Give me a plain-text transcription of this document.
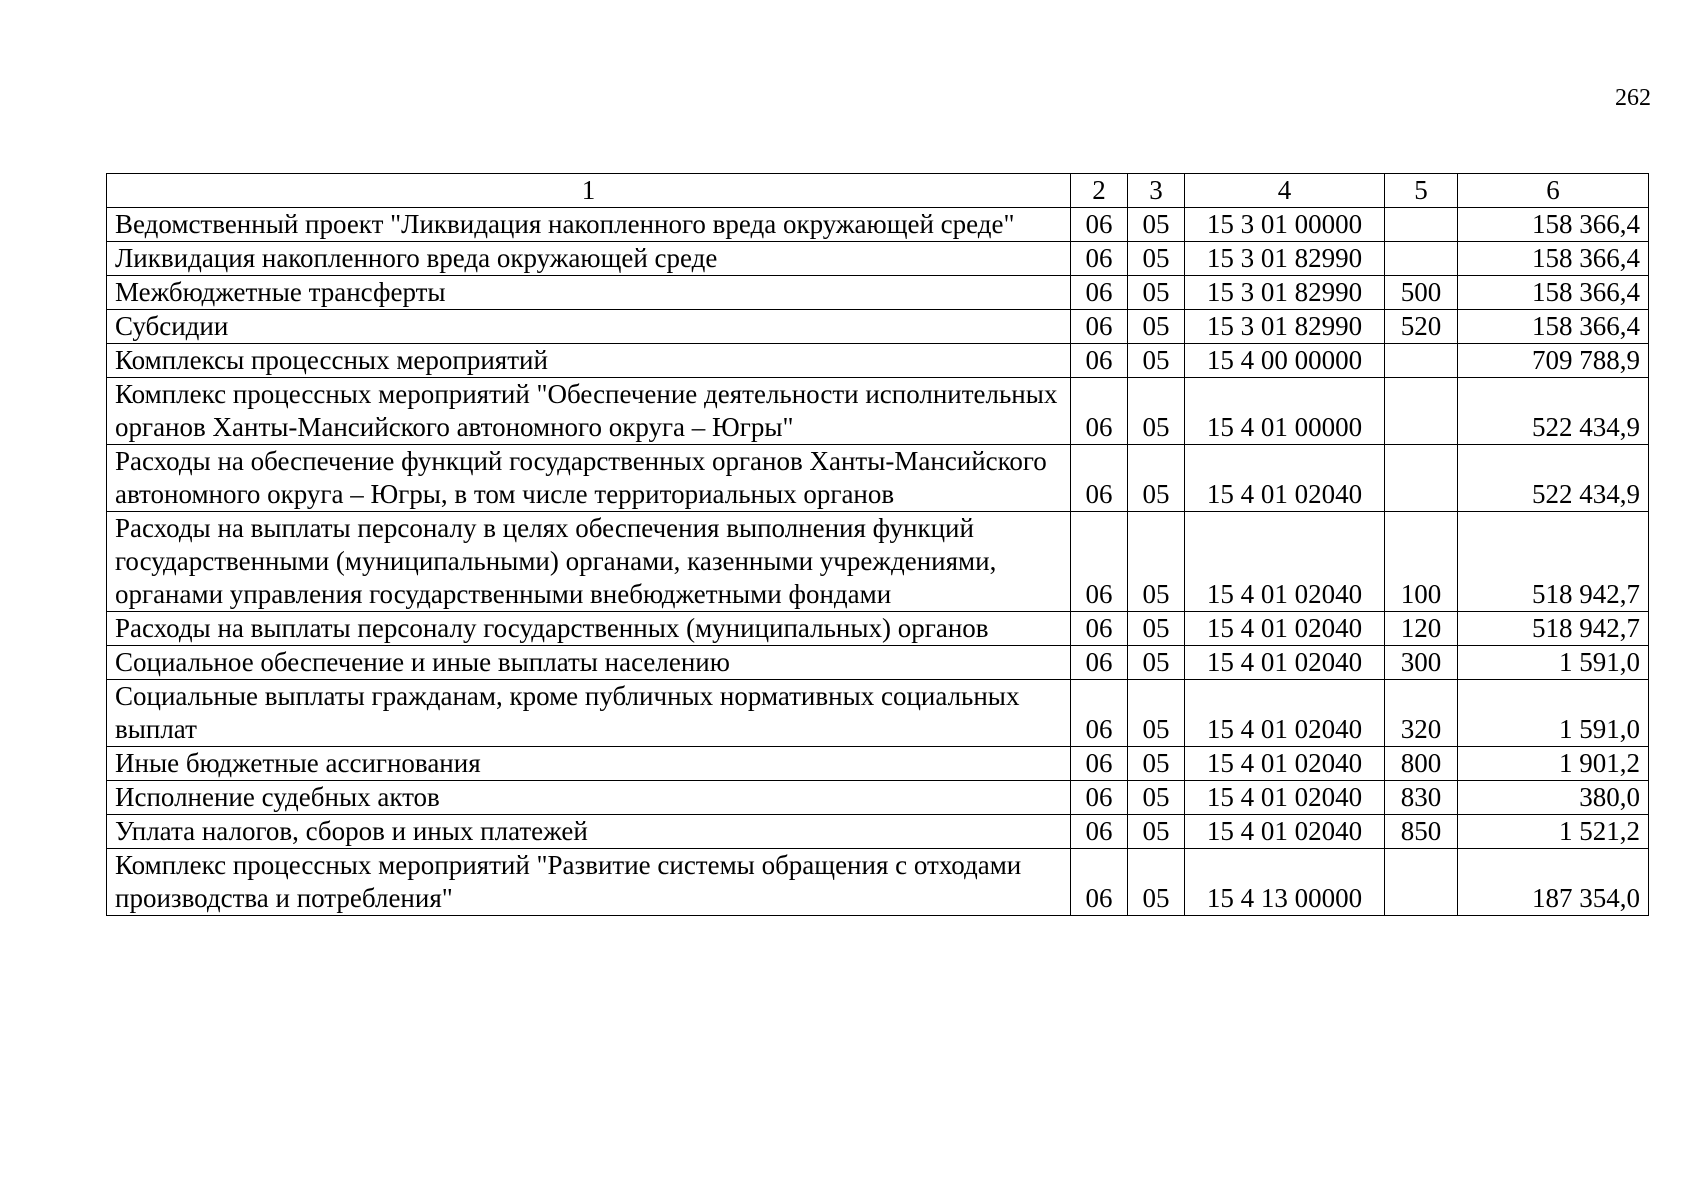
262
1	2	3	4	5	6
Ведомственный проект "Ликвидация накопленного вреда окружающей среде"	06	05	15 3 01 00000		158 366,4
Ликвидация накопленного вреда окружающей среде	06	05	15 3 01 82990		158 366,4
Межбюджетные трансферты	06	05	15 3 01 82990	500	158 366,4
Субсидии	06	05	15 3 01 82990	520	158 366,4
Комплексы процессных мероприятий	06	05	15 4 00 00000		709 788,9
Комплекс процессных мероприятий "Обеспечение деятельности исполнительных органов Ханты-Мансийского автономного округа – Югры"	06	05	15 4 01 00000		522 434,9
Расходы на обеспечение функций государственных органов Ханты-Мансийского автономного округа – Югры, в том числе территориальных органов	06	05	15 4 01 02040		522 434,9
Расходы на выплаты персоналу в целях обеспечения выполнения функций государственными (муниципальными) органами, казенными учреждениями, органами управления государственными внебюджетными фондами	06	05	15 4 01 02040	100	518 942,7
Расходы на выплаты персоналу государственных (муниципальных) органов	06	05	15 4 01 02040	120	518 942,7
Социальное обеспечение и иные выплаты населению	06	05	15 4 01 02040	300	1 591,0
Социальные выплаты гражданам, кроме публичных нормативных социальных выплат	06	05	15 4 01 02040	320	1 591,0
Иные бюджетные ассигнования	06	05	15 4 01 02040	800	1 901,2
Исполнение судебных актов	06	05	15 4 01 02040	830	380,0
Уплата налогов, сборов и иных платежей	06	05	15 4 01 02040	850	1 521,2
Комплекс процессных мероприятий "Развитие системы обращения с отходами производства и потребления"	06	05	15 4 13 00000		187 354,0
